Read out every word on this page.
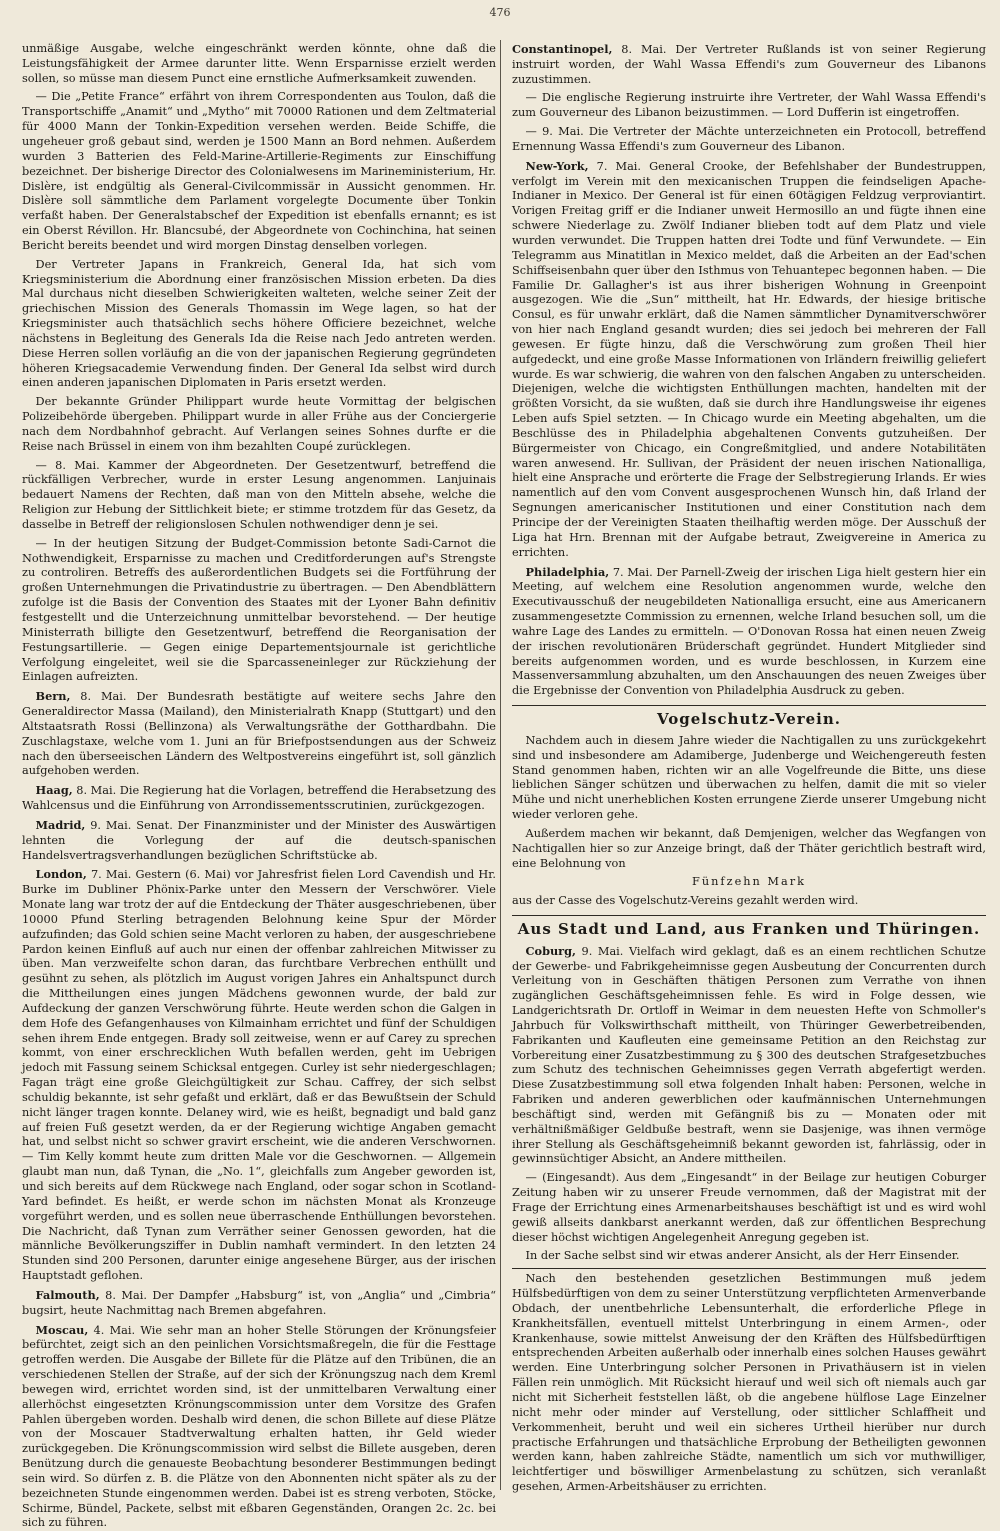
476

unmäßige Ausgabe, welche eingeschränkt werden könnte, ohne daß die Leistungsfähigkeit der Armee darunter litte. Wenn Ersparnisse erzielt werden sollen, so müsse man diesem Punct eine ernstliche Aufmerksamkeit zuwenden.

— Die „Petite France“ erfährt von ihrem Correspondenten aus Toulon, daß die Transportschiffe „Anamit“ und „Mytho“ mit 70000 Rationen und dem Zeltmaterial für 4000 Mann der Tonkin-Expedition versehen werden. Beide Schiffe, die ungeheuer groß gebaut sind, werden je 1500 Mann an Bord nehmen. Außerdem wurden 3 Batterien des Feld-Marine-Artillerie-Regiments zur Einschiffung bezeichnet. Der bisherige Director des Colonialwesens im Marineministerium, Hr. Dislère, ist endgültig als General-Civilcommissär in Aussicht genommen. Hr. Dislère soll sämmtliche dem Parlament vorgelegte Documente über Tonkin verfaßt haben. Der Generalstabschef der Expedition ist ebenfalls ernannt; es ist ein Oberst Révillon. Hr. Blancsubé, der Abgeordnete von Cochinchina, hat seinen Bericht bereits beendet und wird morgen Dinstag denselben vorlegen.

Der Vertreter Japans in Frankreich, General Ida, hat sich vom Kriegsministerium die Abordnung einer französischen Mission erbeten. Da dies Mal durchaus nicht dieselben Schwierigkeiten walteten, welche seiner Zeit der griechischen Mission des Generals Thomassin im Wege lagen, so hat der Kriegsminister auch thatsächlich sechs höhere Officiere bezeichnet, welche nächstens in Begleitung des Generals Ida die Reise nach Jedo antreten werden. Diese Herren sollen vorläufig an die von der japanischen Regierung gegründeten höheren Kriegsacademie Verwendung finden. Der General Ida selbst wird durch einen anderen japanischen Diplomaten in Paris ersetzt werden.

Der bekannte Gründer Philippart wurde heute Vormittag der belgischen Polizeibehörde übergeben. Philippart wurde in aller Frühe aus der Conciergerie nach dem Nordbahnhof gebracht. Auf Verlangen seines Sohnes durfte er die Reise nach Brüssel in einem von ihm bezahlten Coupé zurücklegen.

— 8. Mai. Kammer der Abgeordneten. Der Gesetzentwurf, betreffend die rückfälligen Verbrecher, wurde in erster Lesung angenommen. Lanjuinais bedauert Namens der Rechten, daß man von den Mitteln absehe, welche die Religion zur Hebung der Sittlichkeit biete; er stimme trotzdem für das Gesetz, da dasselbe in Betreff der religionslosen Schulen nothwendiger denn je sei.

— In der heutigen Sitzung der Budget-Commission betonte Sadi-Carnot die Nothwendigkeit, Ersparnisse zu machen und Creditforderungen auf's Strengste zu controliren. Betreffs des außerordentlichen Budgets sei die Fortführung der großen Unternehmungen die Privatindustrie zu übertragen. — Den Abendblättern zufolge ist die Basis der Convention des Staates mit der Lyoner Bahn definitiv festgestellt und die Unterzeichnung unmittelbar bevorstehend. — Der heutige Ministerrath billigte den Gesetzentwurf, betreffend die Reorganisation der Festungsartillerie. — Gegen einige Departementsjournale ist gerichtliche Verfolgung eingeleitet, weil sie die Sparcasseneinleger zur Rückziehung der Einlagen aufreizten.

Bern, 8. Mai. Der Bundesrath bestätigte auf weitere sechs Jahre den Generaldirector Massa (Mailand), den Ministerialrath Knapp (Stuttgart) und den Altstaatsrath Rossi (Bellinzona) als Verwaltungsräthe der Gotthardbahn. Die Zuschlagstaxe, welche vom 1. Juni an für Briefpostsendungen aus der Schweiz nach den überseeischen Ländern des Weltpostvereins eingeführt ist, soll gänzlich aufgehoben werden.

Haag, 8. Mai. Die Regierung hat die Vorlagen, betreffend die Herabsetzung des Wahlcensus und die Einführung von Arrondissementsscrutinien, zurückgezogen.

Madrid, 9. Mai. Senat. Der Finanzminister und der Minister des Auswärtigen lehnten die Vorlegung der auf die deutsch-spanischen Handelsvertragsverhandlungen bezüglichen Schriftstücke ab.

London, 7. Mai. Gestern (6. Mai) vor Jahresfrist fielen Lord Cavendish und Hr. Burke im Dubliner Phönix-Parke unter den Messern der Verschwörer. Viele Monate lang war trotz der auf die Entdeckung der Thäter ausgeschriebenen, über 10000 Pfund Sterling betragenden Belohnung keine Spur der Mörder aufzufinden; das Gold schien seine Macht verloren zu haben, der ausgeschriebene Pardon keinen Einfluß auf auch nur einen der offenbar zahlreichen Mitwisser zu üben. Man verzweifelte schon daran, das furchtbare Verbrechen enthüllt und gesühnt zu sehen, als plötzlich im August vorigen Jahres ein Anhaltspunct durch die Mittheilungen eines jungen Mädchens gewonnen wurde, der bald zur Aufdeckung der ganzen Verschwörung führte. Heute werden schon die Galgen in dem Hofe des Gefangenhauses von Kilmainham errichtet und fünf der Schuldigen sehen ihrem Ende entgegen. Brady soll zeitweise, wenn er auf Carey zu sprechen kommt, von einer erschrecklichen Wuth befallen werden, geht im Uebrigen jedoch mit Fassung seinem Schicksal entgegen. Curley ist sehr niedergeschlagen; Fagan trägt eine große Gleichgültigkeit zur Schau. Caffrey, der sich selbst schuldig bekannte, ist sehr gefaßt und erklärt, daß er das Bewußtsein der Schuld nicht länger tragen konnte. Delaney wird, wie es heißt, begnadigt und bald ganz auf freien Fuß gesetzt werden, da er der Regierung wichtige Angaben gemacht hat, und selbst nicht so schwer gravirt erscheint, wie die anderen Verschwornen. — Tim Kelly kommt heute zum dritten Male vor die Geschwornen. — Allgemein glaubt man nun, daß Tynan, die „No. 1“, gleichfalls zum Angeber geworden ist, und sich bereits auf dem Rückwege nach England, oder sogar schon in Scotland-Yard befindet. Es heißt, er werde schon im nächsten Monat als Kronzeuge vorgeführt werden, und es sollen neue überraschende Enthüllungen bevorstehen. Die Nachricht, daß Tynan zum Verräther seiner Genossen geworden, hat die männliche Bevölkerungsziffer in Dublin namhaft vermindert. In den letzten 24 Stunden sind 200 Personen, darunter einige angesehene Bürger, aus der irischen Hauptstadt geflohen.

Falmouth, 8. Mai. Der Dampfer „Habsburg“ ist, von „Anglia“ und „Cimbria“ bugsirt, heute Nachmittag nach Bremen abgefahren.

Moscau, 4. Mai. Wie sehr man an hoher Stelle Störungen der Krönungsfeier befürchtet, zeigt sich an den peinlichen Vorsichtsmaßregeln, die für die Festtage getroffen werden. Die Ausgabe der Billete für die Plätze auf den Tribünen, die an verschiedenen Stellen der Straße, auf der sich der Krönungszug nach dem Kreml bewegen wird, errichtet worden sind, ist der unmittelbaren Verwaltung einer allerhöchst eingesetzten Krönungscommission unter dem Vorsitze des Grafen Pahlen übergeben worden. Deshalb wird denen, die schon Billete auf diese Plätze von der Moscauer Stadtverwaltung erhalten hatten, ihr Geld wieder zurückgegeben. Die Krönungscommission wird selbst die Billete ausgeben, deren Benützung durch die genaueste Beobachtung besonderer Bestimmungen bedingt sein wird. So dürfen z. B. die Plätze von den Abonnenten nicht später als zu der bezeichneten Stunde eingenommen werden. Dabei ist es streng verboten, Stöcke, Schirme, Bündel, Packete, selbst mit eßbaren Gegenständen, Orangen 2c. 2c. bei sich zu führen.

Constantinopel, 8. Mai. Der Vertreter Rußlands ist von seiner Regierung instruirt worden, der Wahl Wassa Effendi's zum Gouverneur des Libanons zuzustimmen.

— Die englische Regierung instruirte ihre Vertreter, der Wahl Wassa Effendi's zum Gouverneur des Libanon beizustimmen. — Lord Dufferin ist eingetroffen.

— 9. Mai. Die Vertreter der Mächte unterzeichneten ein Protocoll, betreffend Ernennung Wassa Effendi's zum Gouverneur des Libanon.

New-York, 7. Mai. General Crooke, der Befehlshaber der Bundestruppen, verfolgt im Verein mit den mexicanischen Truppen die feindseligen Apache-Indianer in Mexico. Der General ist für einen 60tägigen Feldzug verproviantirt. Vorigen Freitag griff er die Indianer unweit Hermosillo an und fügte ihnen eine schwere Niederlage zu. Zwölf Indianer blieben todt auf dem Platz und viele wurden verwundet. Die Truppen hatten drei Todte und fünf Verwundete. — Ein Telegramm aus Minatitlan in Mexico meldet, daß die Arbeiten an der Ead'schen Schiffseisenbahn quer über den Isthmus von Tehuantepec begonnen haben. — Die Familie Dr. Gallagher's ist aus ihrer bisherigen Wohnung in Greenpoint ausgezogen. Wie die „Sun“ mittheilt, hat Hr. Edwards, der hiesige britische Consul, es für unwahr erklärt, daß die Namen sämmtlicher Dynamitverschwörer von hier nach England gesandt wurden; dies sei jedoch bei mehreren der Fall gewesen. Er fügte hinzu, daß die Verschwörung zum großen Theil hier aufgedeckt, und eine große Masse Informationen von Irländern freiwillig geliefert wurde. Es war schwierig, die wahren von den falschen Angaben zu unterscheiden. Diejenigen, welche die wichtigsten Enthüllungen machten, handelten mit der größten Vorsicht, da sie wußten, daß sie durch ihre Handlungsweise ihr eigenes Leben aufs Spiel setzten. — In Chicago wurde ein Meeting abgehalten, um die Beschlüsse des in Philadelphia abgehaltenen Convents gutzuheißen. Der Bürgermeister von Chicago, ein Congreßmitglied, und andere Notabilitäten waren anwesend. Hr. Sullivan, der Präsident der neuen irischen Nationalliga, hielt eine Ansprache und erörterte die Frage der Selbstregierung Irlands. Er wies namentlich auf den vom Convent ausgesprochenen Wunsch hin, daß Irland der Segnungen americanischer Institutionen und einer Constitution nach dem Principe der der Vereinigten Staaten theilhaftig werden möge. Der Ausschuß der Liga hat Hrn. Brennan mit der Aufgabe betraut, Zweigvereine in America zu errichten.

Philadelphia, 7. Mai. Der Parnell-Zweig der irischen Liga hielt gestern hier ein Meeting, auf welchem eine Resolution angenommen wurde, welche den Executivausschuß der neugebildeten Nationalliga ersucht, eine aus Americanern zusammengesetzte Commission zu ernennen, welche Irland besuchen soll, um die wahre Lage des Landes zu ermitteln. — O'Donovan Rossa hat einen neuen Zweig der irischen revolutionären Brüderschaft gegründet. Hundert Mitglieder sind bereits aufgenommen worden, und es wurde beschlossen, in Kurzem eine Massenversammlung abzuhalten, um den Anschauungen des neuen Zweiges über die Ergebnisse der Convention von Philadelphia Ausdruck zu geben.

Vogelschutz-Verein.

Nachdem auch in diesem Jahre wieder die Nachtigallen zu uns zurückgekehrt sind und insbesondere am Adamiberge, Judenberge und Weichengereuth festen Stand genommen haben, richten wir an alle Vogelfreunde die Bitte, uns diese lieblichen Sänger schützen und überwachen zu helfen, damit die mit so vieler Mühe und nicht unerheblichen Kosten errungene Zierde unserer Umgebung nicht wieder verloren gehe.

Außerdem machen wir bekannt, daß Demjenigen, welcher das Wegfangen von Nachtigallen hier so zur Anzeige bringt, daß der Thäter gerichtlich bestraft wird, eine Belohnung von

Fünfzehn Mark

aus der Casse des Vogelschutz-Vereins gezahlt werden wird.

Aus Stadt und Land, aus Franken und Thüringen.

Coburg, 9. Mai. Vielfach wird geklagt, daß es an einem rechtlichen Schutze der Gewerbe- und Fabrikgeheimnisse gegen Ausbeutung der Concurrenten durch Verleitung von in Geschäften thätigen Personen zum Verrathe von ihnen zugänglichen Geschäftsgeheimnissen fehle. Es wird in Folge dessen, wie Landgerichtsrath Dr. Ortloff in Weimar in dem neuesten Hefte von Schmoller's Jahrbuch für Volkswirthschaft mittheilt, von Thüringer Gewerbetreibenden, Fabrikanten und Kaufleuten eine gemeinsame Petition an den Reichstag zur Vorbereitung einer Zusatzbestimmung zu § 300 des deutschen Strafgesetzbuches zum Schutz des technischen Geheimnisses gegen Verrath abgefertigt werden. Diese Zusatzbestimmung soll etwa folgenden Inhalt haben: Personen, welche in Fabriken und anderen gewerblichen oder kaufmännischen Unternehmungen beschäftigt sind, werden mit Gefängniß bis zu — Monaten oder mit verhältnißmäßiger Geldbuße bestraft, wenn sie Dasjenige, was ihnen vermöge ihrer Stellung als Geschäftsgeheimniß bekannt geworden ist, fahrlässig, oder in gewinnsüchtiger Absicht, an Andere mittheilen.

— (Eingesandt). Aus dem „Eingesandt“ in der Beilage zur heutigen Coburger Zeitung haben wir zu unserer Freude vernommen, daß der Magistrat mit der Frage der Errichtung eines Armenarbeitshauses beschäftigt ist und es wird wohl gewiß allseits dankbarst anerkannt werden, daß zur öffentlichen Besprechung dieser höchst wichtigen Angelegenheit Anregung gegeben ist.

In der Sache selbst sind wir etwas anderer Ansicht, als der Herr Einsender.

Nach den bestehenden gesetzlichen Bestimmungen muß jedem Hülfsbedürftigen von dem zu seiner Unterstützung verpflichteten Armenverbande Obdach, der unentbehrliche Lebensunterhalt, die erforderliche Pflege in Krankheitsfällen, eventuell mittelst Unterbringung in einem Armen-, oder Krankenhause, sowie mittelst Anweisung der den Kräften des Hülfsbedürftigen entsprechenden Arbeiten außerhalb oder innerhalb eines solchen Hauses gewährt werden. Eine Unterbringung solcher Personen in Privathäusern ist in vielen Fällen rein unmöglich. Mit Rücksicht hierauf und weil sich oft niemals auch gar nicht mit Sicherheit feststellen läßt, ob die angebene hülflose Lage Einzelner nicht mehr oder minder auf Verstellung, oder sittlicher Schlaffheit und Verkommenheit, beruht und weil ein sicheres Urtheil hierüber nur durch practische Erfahrungen und thatsächliche Erprobung der Betheiligten gewonnen werden kann, haben zahlreiche Städte, namentlich um sich vor muthwilliger, leichtfertiger und böswilliger Armenbelastung zu schützen, sich veranlaßt gesehen, Armen-Arbeitshäuser zu errichten.
